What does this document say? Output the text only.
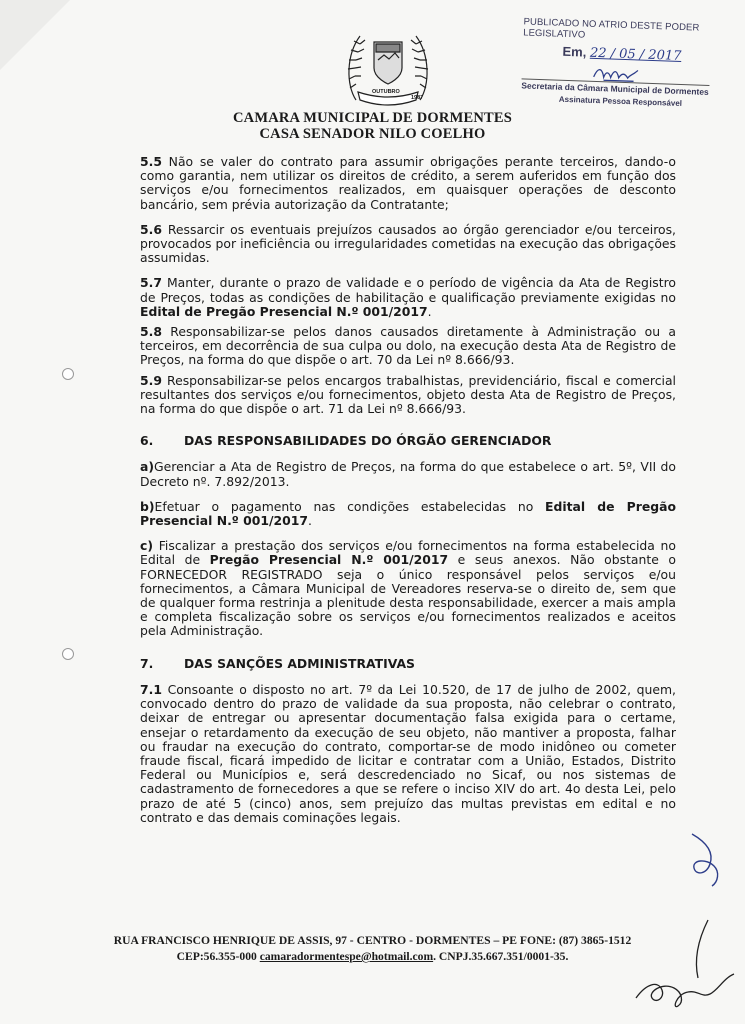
OUTUBRO
1987
CAMARA MUNICIPAL DE DORMENTES
CASA SENADOR NILO COELHO
PUBLICADO NO ATRIO DESTE PODER LEGISLATIVO
Em, 22 / 05 / 2017
Secretaria da Câmara Municipal de Dormentes
Assinatura Pessoa Responsável

5.5 Não se valer do contrato para assumir obrigações perante terceiros, dando-o como garantia, nem utilizar os direitos de crédito, a serem auferidos em função dos serviços e/ou fornecimentos realizados, em quaisquer operações de desconto bancário, sem prévia autorização da Contratante;

5.6 Ressarcir os eventuais prejuízos causados ao órgão gerenciador e/ou terceiros, provocados por ineficiência ou irregularidades cometidas na execução das obrigações assumidas.

5.7 Manter, durante o prazo de validade e o período de vigência da Ata de Registro de Preços, todas as condições de habilitação e qualificação previamente exigidas no Edital de Pregão Presencial N.º 001/2017.

5.8 Responsabilizar-se pelos danos causados diretamente à Administração ou a terceiros, em decorrência de sua culpa ou dolo, na execução desta Ata de Registro de Preços, na forma do que dispõe o art. 70 da Lei nº 8.666/93.

5.9 Responsabilizar-se pelos encargos trabalhistas, previdenciário, fiscal e comercial resultantes dos serviços e/ou fornecimentos, objeto desta Ata de Registro de Preços, na forma do que dispõe o art. 71 da Lei nº 8.666/93.

6. DAS RESPONSABILIDADES DO ÓRGÃO GERENCIADOR

a)Gerenciar a Ata de Registro de Preços, na forma do que estabelece o art. 5º, VII do Decreto nº. 7.892/2013.

b)Efetuar o pagamento nas condições estabelecidas no Edital de Pregão Presencial N.º 001/2017.

c) Fiscalizar a prestação dos serviços e/ou fornecimentos na forma estabelecida no Edital de Pregão Presencial N.º 001/2017 e seus anexos. Não obstante o FORNECEDOR REGISTRADO seja o único responsável pelos serviços e/ou fornecimentos, a Câmara Municipal de Vereadores reserva-se o direito de, sem que de qualquer forma restrinja a plenitude desta responsabilidade, exercer a mais ampla e completa fiscalização sobre os serviços e/ou fornecimentos realizados e aceitos pela Administração.

7. DAS SANÇÕES ADMINISTRATIVAS

7.1 Consoante o disposto no art. 7º da Lei 10.520, de 17 de julho de 2002, quem, convocado dentro do prazo de validade da sua proposta, não celebrar o contrato, deixar de entregar ou apresentar documentação falsa exigida para o certame, ensejar o retardamento da execução de seu objeto, não mantiver a proposta, falhar ou fraudar na execução do contrato, comportar-se de modo inidôneo ou cometer fraude fiscal, ficará impedido de licitar e contratar com a União, Estados, Distrito Federal ou Municípios e, será descredenciado no Sicaf, ou nos sistemas de cadastramento de fornecedores a que se refere o inciso XIV do art. 4o desta Lei, pelo prazo de até 5 (cinco) anos, sem prejuízo das multas previstas em edital e no contrato e das demais cominações legais.

RUA FRANCISCO HENRIQUE DE ASSIS, 97 - CENTRO - DORMENTES – PE FONE: (87) 3865-1512
CEP:56.355-000 camaradormentespe@hotmail.com. CNPJ.35.667.351/0001-35.
